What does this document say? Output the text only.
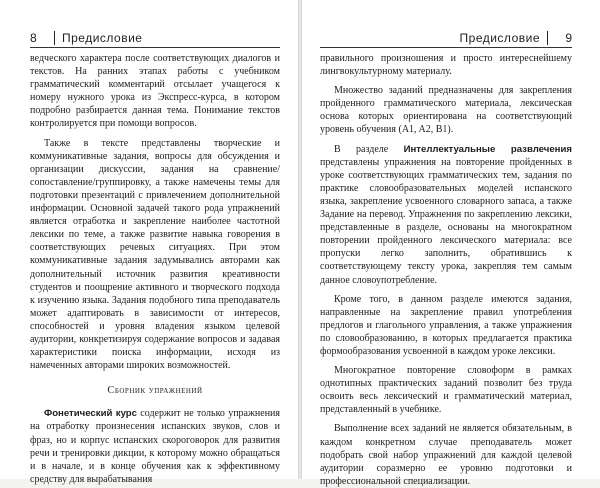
8 Предисловие

ведческого характера после соответствующих диалогов и текстов. На ранних этапах работы с учебником грамматический комментарий отсылает учащегося к номеру нужного урока из Экспресс-курса, в котором подробно разбирается данная тема. Понимание текстов контролируется при помощи вопросов.

Также в тексте представлены творческие и коммуникативные задания, вопросы для обсуждения и организации дискуссии, задания на сравнение/сопоставление/группировку, а также намечены темы для подготовки презентаций с привлечением дополнительной информации. Основной задачей такого рода упражнений является отработка и закрепление наиболее частотной лексики по теме, а также развитие навыка говорения в соответствующих речевых ситуациях. При этом коммуникативные задания задумывались авторами как дополнительный источник развития креативности студентов и поощрение активного и творческого подхода к изучению языка. Задания подобного типа преподаватель может адаптировать в зависимости от интересов, способностей и уровня владения языком целевой аудитории, конкретизируя содержание вопросов и задавая характеристики поиска информации, исходя из намеченных авторами широких возможностей.

Сборник упражнений

Фонетический курс содержит не только упражнения на отработку произнесения испанских звуков, слов и фраз, но и корпус испанских скороговорок для развития речи и тренировки дикции, к которому можно обращаться и в начале, и в конце обучения как к эффективному средству для вырабатывания

Предисловие 9

правильного произношения и просто интереснейшему лингвокультурному материалу.

Множество заданий предназначены для закрепления пройденного грамматического материала, лексическая основа которых ориентирована на соответствующий уровень обучения (A1, A2, B1).

В разделе Интеллектуальные развлечения представлены упражнения на повторение пройденных в уроке соответствующих грамматических тем, задания по практике словообразовательных моделей испанского языка, закрепление усвоенного словарного запаса, а также Задание на перевод. Упражнения по закреплению лексики, представленные в разделе, основаны на многократном повторении пройденного лексического материала: все пропуски легко заполнить, обратившись к соответствующему тексту урока, закрепляя тем самым данное словоупотребление.

Кроме того, в данном разделе имеются задания, направленные на закрепление правил употребления предлогов и глагольного управления, а также упражнения по словообразованию, в которых предлагается практика формообразования усвоенной в каждом уроке лексики.

Многократное повторение словоформ в рамках однотипных практических заданий позволит без труда освоить весь лексический и грамматический материал, представленный в учебнике.

Выполнение всех заданий не является обязательным, в каждом конкретном случае преподаватель может подобрать свой набор упражнений для каждой целевой аудитории соразмерно ее уровню подготовки и профессиональной специализации.
